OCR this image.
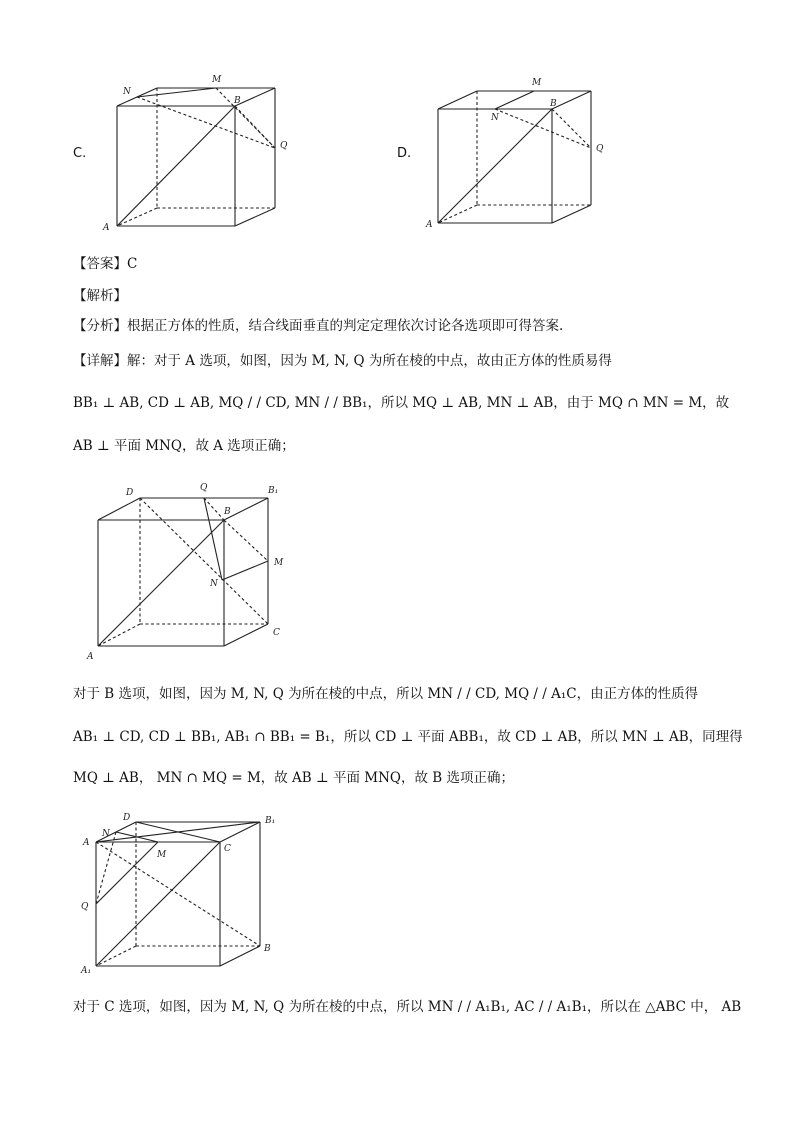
C.
N
M
B
Q
A
D.
M
B
N
Q
A
【答案】C
【解析】
【分析】根据正方体的性质，结合线面垂直的判定定理依次讨论各选项即可得答案.
【详解】解：对于 A 选项，如图，因为 M, N, Q 为所在棱的中点，故由正方体的性质易得
BB₁ ⊥ AB, CD ⊥ AB, MQ / / CD, MN / / BB₁，所以 MQ ⊥ AB, MN ⊥ AB，由于 MQ ∩ MN = M，故
AB ⊥ 平面 MNQ，故 A 选项正确；
D	Q	B₁
B
M
N
C
A
对于 B 选项，如图，因为 M, N, Q 为所在棱的中点，所以 MN / / CD, MQ / / A₁C，由正方体的性质得
AB₁ ⊥ CD, CD ⊥ BB₁, AB₁ ∩ BB₁ = B₁，所以 CD ⊥ 平面 ABB₁，故 CD ⊥ AB，所以 MN ⊥ AB，同理得
MQ ⊥ AB， MN ∩ MQ = M，故 AB ⊥ 平面 MNQ，故 B 选项正确；
D	B₁
N
A
M
C
Q
B
A₁
对于 C 选项，如图，因为 M, N, Q 为所在棱的中点，所以 MN / / A₁B₁, AC / / A₁B₁，所以在 △ABC 中， AB
